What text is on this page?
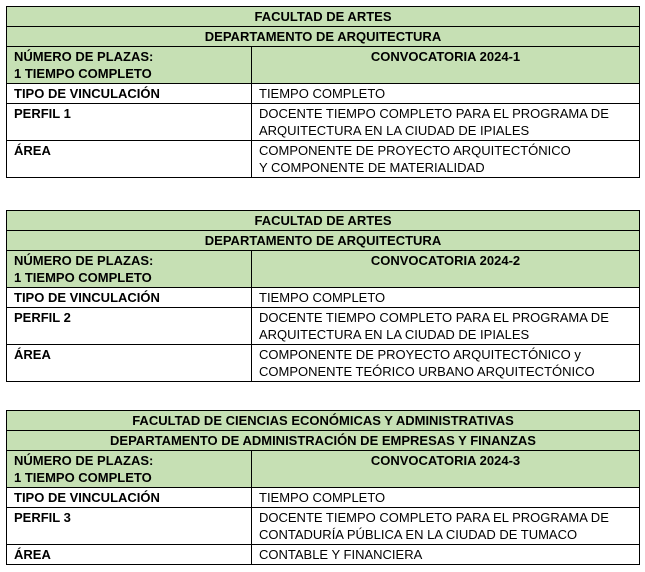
FACULTAD DE ARTES	
DEPARTAMENTO DE ARQUITECTURA	

NÚMERO DE PLAZAS:
1 TIEMPO COMPLETO	CONVOCATORIA 2024-1
TIPO DE VINCULACIÓN	TIEMPO COMPLETO
PERFIL 1	DOCENTE TIEMPO COMPLETO PARA EL PROGRAMA DE
ARQUITECTURA EN LA CIUDAD DE IPIALES

ÁREA	COMPONENTE DE PROYECTO ARQUITECTÓNICO
Y COMPONENTE DE MATERIALIDAD
FACULTAD DE ARTES	
DEPARTAMENTO DE ARQUITECTURA	

NÚMERO DE PLAZAS:
1 TIEMPO COMPLETO	CONVOCATORIA 2024-2
TIPO DE VINCULACIÓN	TIEMPO COMPLETO
PERFIL 2	DOCENTE TIEMPO COMPLETO PARA EL PROGRAMA DE
ARQUITECTURA EN LA CIUDAD DE IPIALES

ÁREA	COMPONENTE DE PROYECTO ARQUITECTÓNICO y
COMPONENTE TEÓRICO URBANO ARQUITECTÓNICO
FACULTAD DE CIENCIAS ECONÓMICAS Y ADMINISTRATIVAS	
DEPARTAMENTO DE ADMINISTRACIÓN DE EMPRESAS Y FINANZAS	

NÚMERO DE PLAZAS:
1 TIEMPO COMPLETO	CONVOCATORIA 2024-3
TIPO DE VINCULACIÓN	TIEMPO COMPLETO
PERFIL 3	DOCENTE TIEMPO COMPLETO PARA EL PROGRAMA DE
CONTADURÍA PÚBLICA EN LA CIUDAD DE TUMACO

ÁREA	CONTABLE Y FINANCIERA
